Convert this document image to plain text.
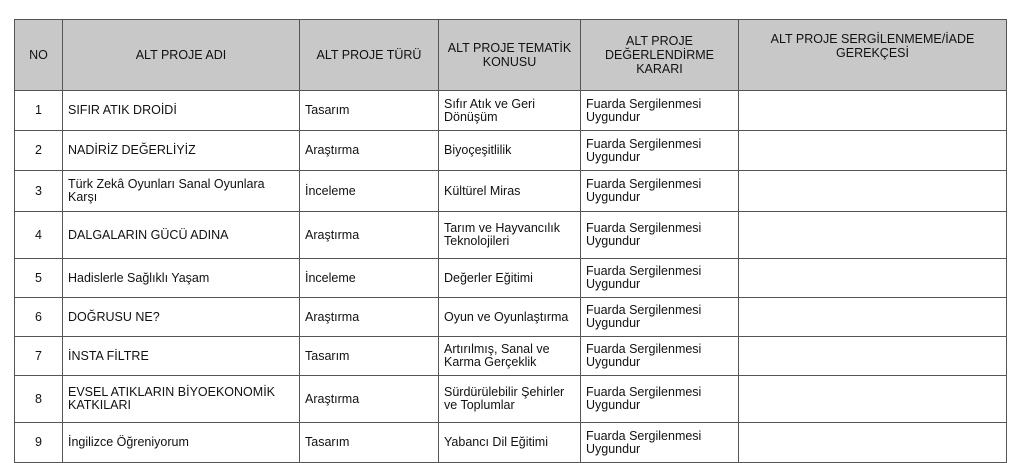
NO	ALT PROJE ADI	ALT PROJE TÜRÜ	ALT PROJE TEMATİK KONUSU	ALT PROJE DEĞERLENDİRME KARARI	ALT PROJE SERGİLENMEME/İADE GEREKÇESİ
1	SIFIR ATIK DROİDİ	Tasarım	Sıfır Atık ve Geri Dönüşüm	Fuarda Sergilenmesi Uygundur	
2	NADİRİZ DEĞERLİYİZ	Araştırma	Biyoçeşitlilik	Fuarda Sergilenmesi Uygundur	
3	Türk Zekâ Oyunları Sanal Oyunlara Karşı	İnceleme	Kültürel Miras	Fuarda Sergilenmesi Uygundur	
4	DALGALARIN GÜCÜ ADINA	Araştırma	Tarım ve Hayvancılık Teknolojileri	Fuarda Sergilenmesi Uygundur	
5	Hadislerle Sağlıklı Yaşam	İnceleme	Değerler Eğitimi	Fuarda Sergilenmesi Uygundur	
6	DOĞRUSU NE?	Araştırma	Oyun ve Oyunlaştırma	Fuarda Sergilenmesi Uygundur	
7	İNSTA FİLTRE	Tasarım	Artırılmış, Sanal ve Karma Gerçeklik	Fuarda Sergilenmesi Uygundur	
8	EVSEL ATIKLARIN BİYOEKONOMİK KATKILARI	Araştırma	Sürdürülebilir Şehirler ve Toplumlar	Fuarda Sergilenmesi Uygundur	
9	İngilizce Öğreniyorum	Tasarım	Yabancı Dil Eğitimi	Fuarda Sergilenmesi Uygundur	
